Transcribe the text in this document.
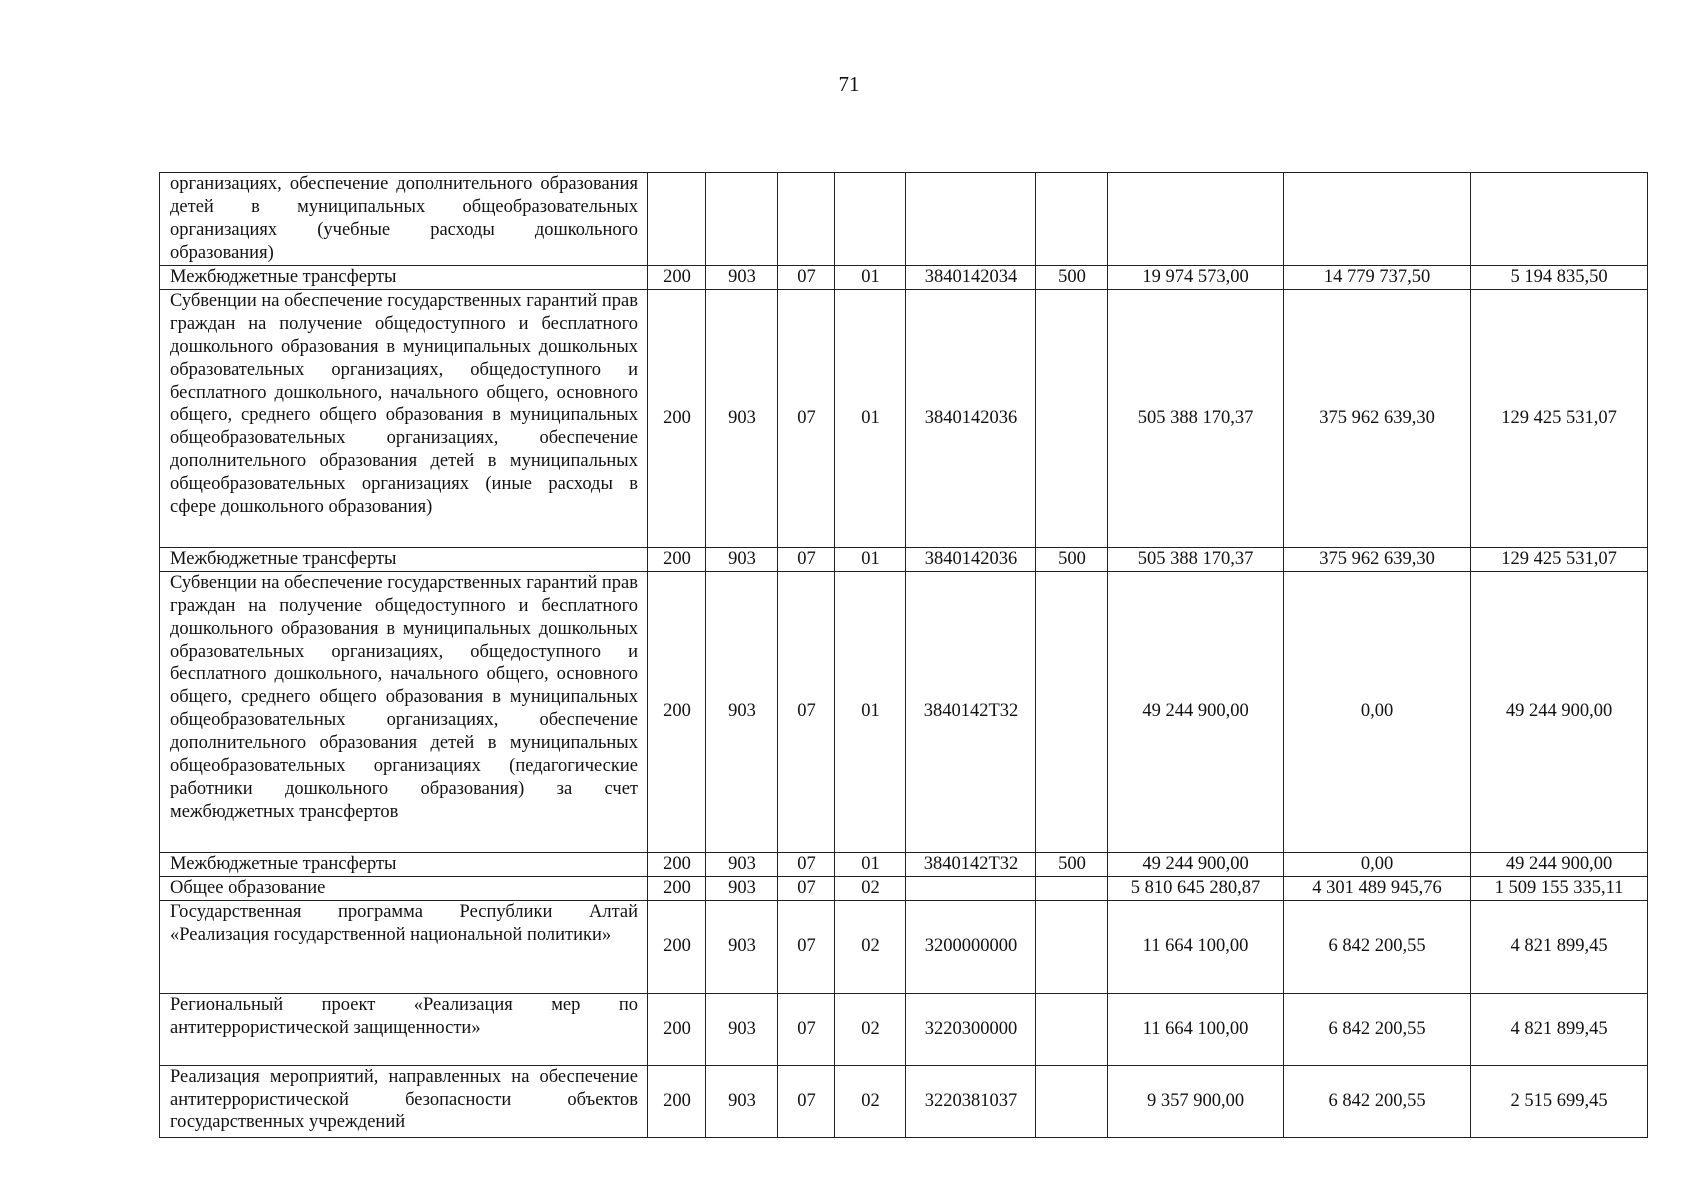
71
организациях, обеспечение дополнительного образования детей в муниципальных общеобразовательных организациях (учебные расходы дошкольного образования)									
Межбюджетные трансферты	200	903	07	01	3840142034	500	19 974 573,00	14 779 737,50	5 194 835,50
Субвенции на обеспечение государственных гарантий прав граждан на получение общедоступного и бесплатного дошкольного образования в муниципальных дошкольных образовательных организациях, общедоступного и бесплатного дошкольного, начального общего, основного общего, среднего общего образования в муниципальных общеобразовательных организациях, обеспечение дополнительного образования детей в муниципальных общеобразовательных организациях (иные расходы в сфере дошкольного образования)	200	903	07	01	3840142036		505 388 170,37	375 962 639,30	129 425 531,07
Межбюджетные трансферты	200	903	07	01	3840142036	500	505 388 170,37	375 962 639,30	129 425 531,07
Субвенции на обеспечение государственных гарантий прав граждан на получение общедоступного и бесплатного дошкольного образования в муниципальных дошкольных образовательных организациях, общедоступного и бесплатного дошкольного, начального общего, основного общего, среднего общего образования в муниципальных общеобразовательных организациях, обеспечение дополнительного образования детей в муниципальных общеобразовательных организациях (педагогические работники дошкольного образования) за счет межбюджетных трансфертов	200	903	07	01	3840142Т32		49 244 900,00	0,00	49 244 900,00
Межбюджетные трансферты	200	903	07	01	3840142Т32	500	49 244 900,00	0,00	49 244 900,00
Общее образование	200	903	07	02			5 810 645 280,87	4 301 489 945,76	1 509 155 335,11
Государственная программа Республики Алтай «Реализация государственной национальной политики»	200	903	07	02	3200000000		11 664 100,00	6 842 200,55	4 821 899,45
Региональный проект «Реализация мер по антитеррористической защищенности»	200	903	07	02	3220300000		11 664 100,00	6 842 200,55	4 821 899,45
Реализация мероприятий, направленных на обеспечение антитеррористической безопасности объектов государственных учреждений	200	903	07	02	3220381037		9 357 900,00	6 842 200,55	2 515 699,45
